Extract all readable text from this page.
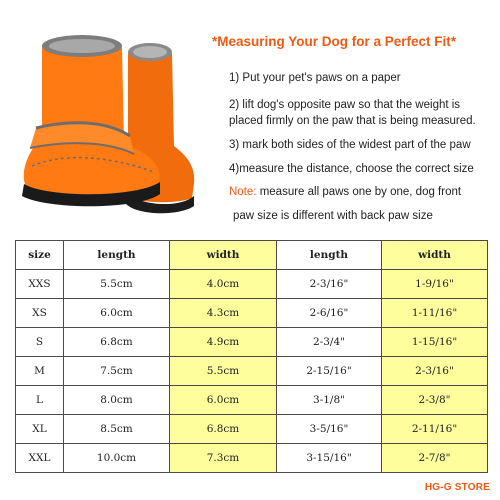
*Measuring Your Dog for a Perfect Fit*
1) Put your pet's paws on a paper
2) lift dog's opposite paw so that the weight is
placed firmly on the paw that is being measured.
3) mark both sides of the widest part of the paw
4)measure the distance, choose the correct size
Note: measure all paws one by one, dog front
paw size is different with back paw size
size	length	width	length	width
XXS	5.5cm	4.0cm	2-3/16"	1-9/16"
XS	6.0cm	4.3cm	2-6/16"	1-11/16"
S	6.8cm	4.9cm	2-3/4"	1-15/16"
M	7.5cm	5.5cm	2-15/16"	2-3/16"
L	8.0cm	6.0cm	3-1/8"	2-3/8"
XL	8.5cm	6.8cm	3-5/16"	2-11/16"
XXL	10.0cm	7.3cm	3-15/16"	2-7/8"
HG-G STORE
